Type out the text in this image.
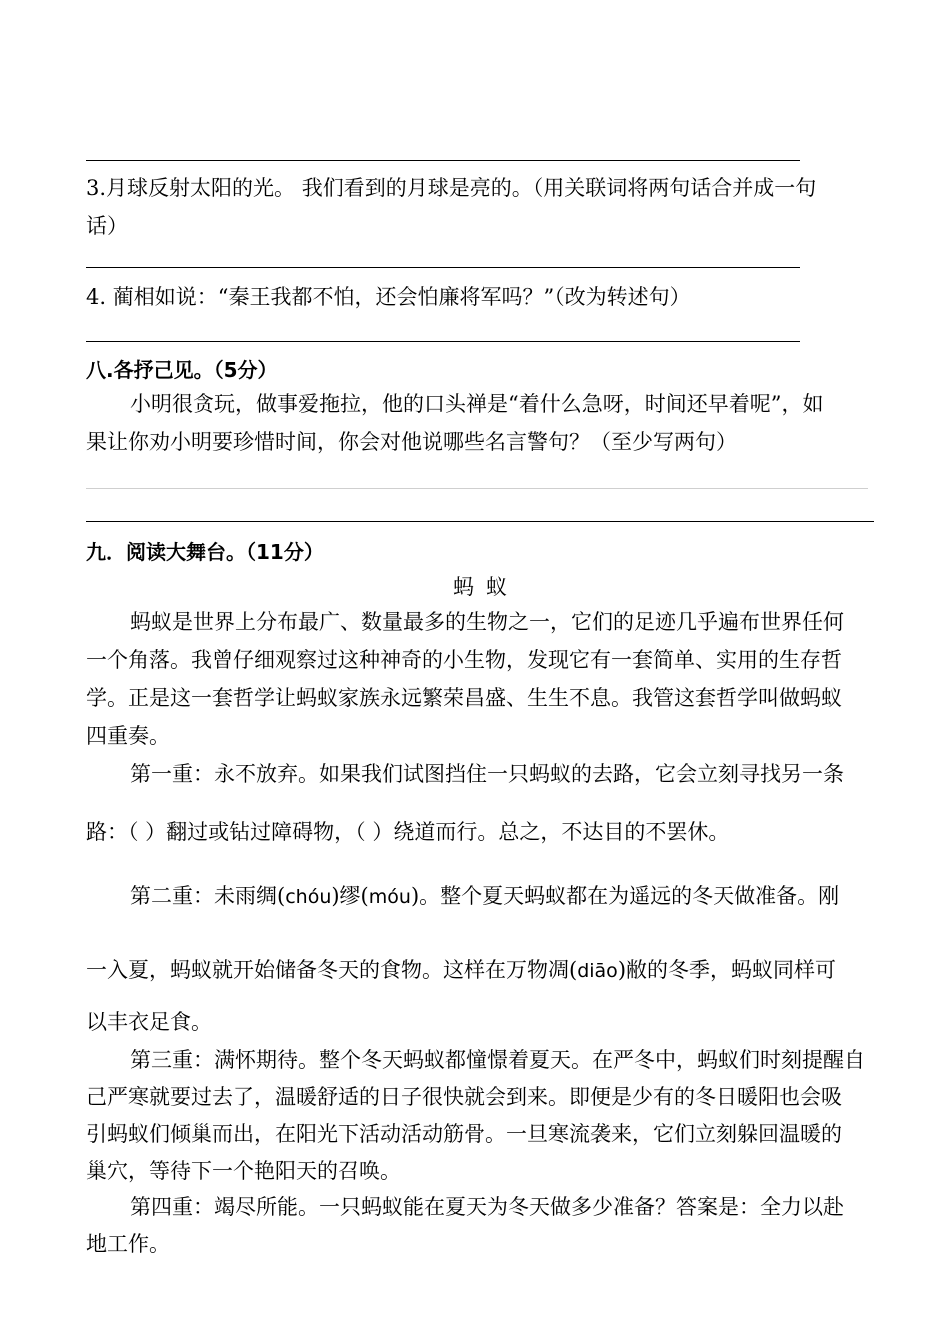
3.月球反射太阳的光。 我们看到的月球是亮的。（用关联词将两句话合并成一句
话）
4. 蔺相如说：“秦王我都不怕，还会怕廉将军吗？”（改为转述句）
八.各抒己见。（5分）
小明很贪玩，做事爱拖拉，他的口头禅是“着什么急呀，时间还早着呢”，如
果让你劝小明要珍惜时间，你会对他说哪些名言警句？（至少写两句）
九．阅读大舞台。（11分）
蚂蚁
蚂蚁是世界上分布最广、数量最多的生物之一，它们的足迹几乎遍布世界任何
一个角落。我曾仔细观察过这种神奇的小生物，发现它有一套简单、实用的生存哲
学。正是这一套哲学让蚂蚁家族永远繁荣昌盛、生生不息。我管这套哲学叫做蚂蚁
四重奏。
第一重：永不放弃。如果我们试图挡住一只蚂蚁的去路，它会立刻寻找另一条
路：（ ）翻过或钻过障碍物，（ ）绕道而行。总之，不达目的不罢休。
第二重：未雨绸(chóu)缪(móu)。整个夏天蚂蚁都在为遥远的冬天做准备。刚
一入夏，蚂蚁就开始储备冬天的食物。这样在万物凋(diāo)敝的冬季，蚂蚁同样可
以丰衣足食。
第三重：满怀期待。整个冬天蚂蚁都憧憬着夏天。在严冬中，蚂蚁们时刻提醒自
己严寒就要过去了，温暖舒适的日子很快就会到来。即便是少有的冬日暖阳也会吸
引蚂蚁们倾巢而出，在阳光下活动活动筋骨。一旦寒流袭来，它们立刻躲回温暖的
巢穴，等待下一个艳阳天的召唤。
第四重：竭尽所能。一只蚂蚁能在夏天为冬天做多少准备？答案是：全力以赴
地工作。
